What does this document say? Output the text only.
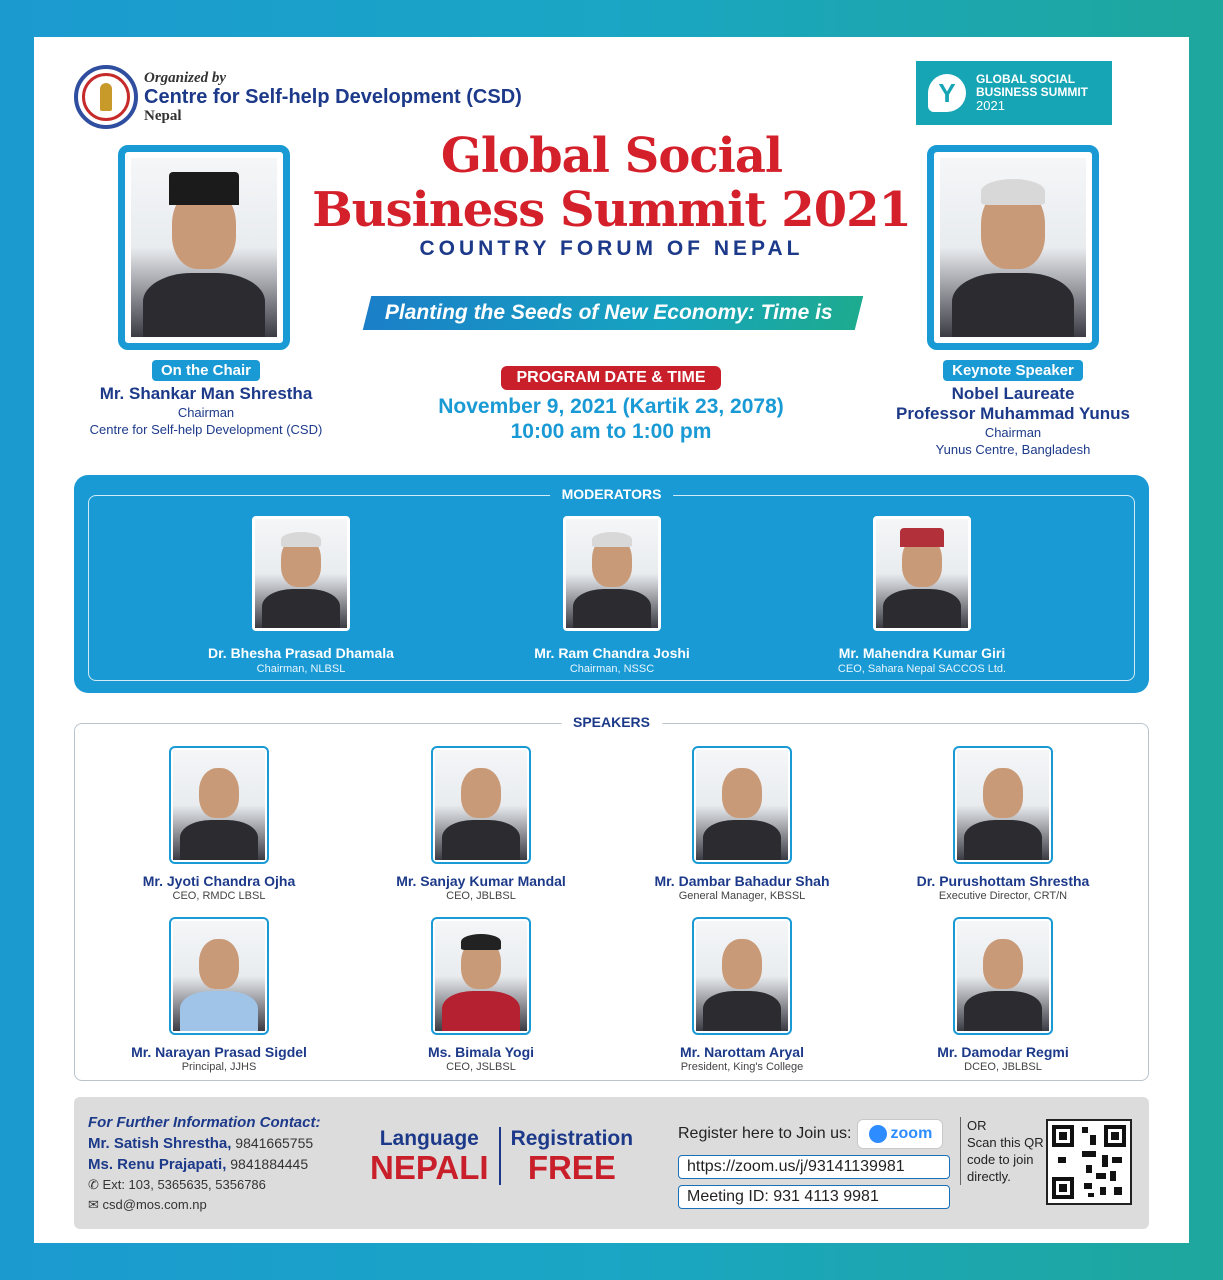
Organized by
Centre for Self-help Development (CSD)
Nepal
Y	GLOBAL SOCIAL
BUSINESS SUMMIT
2021
Global Social
Business Summit 2021
COUNTRY FORUM OF NEPAL
Planting the Seeds of New Economy: Time is Now
On the Chair
Mr. Shankar Man Shrestha
Chairman
Centre for Self-help Development (CSD)
Keynote Speaker
Nobel Laureate
Professor Muhammad Yunus
Chairman
Yunus Centre, Bangladesh
PROGRAM DATE & TIME
November 9, 2021 (Kartik 23, 2078)
10:00 am to 1:00 pm
MODERATORS
Dr. Bhesha Prasad Dhamala
Chairman, NLBSL
Mr. Ram Chandra Joshi
Chairman, NSSC
Mr. Mahendra Kumar Giri
CEO, Sahara Nepal SACCOS Ltd.
SPEAKERS
Mr. Jyoti Chandra Ojha
CEO, RMDC LBSL
Mr. Sanjay Kumar Mandal
CEO, JBLBSL
Mr. Dambar Bahadur Shah
General Manager, KBSSL
Dr. Purushottam Shrestha
Executive Director, CRT/N
Mr. Narayan Prasad Sigdel
Principal, JJHS
Ms. Bimala Yogi
CEO, JSLBSL
Mr. Narottam Aryal
President, King's College
Mr. Damodar Regmi
DCEO, JBLBSL
For Further Information Contact:
Mr. Satish Shrestha, 9841665755
Ms. Renu Prajapati, 9841884445
✆ Ext: 103, 5365635, 5356786
✉ csd@mos.com.np
Language
NEPALI
Registration
FREE
Register here to Join us: zoom
https://zoom.us/j/93141139981
Meeting ID: 931 4113 9981
OR
Scan this QR code to join directly.
